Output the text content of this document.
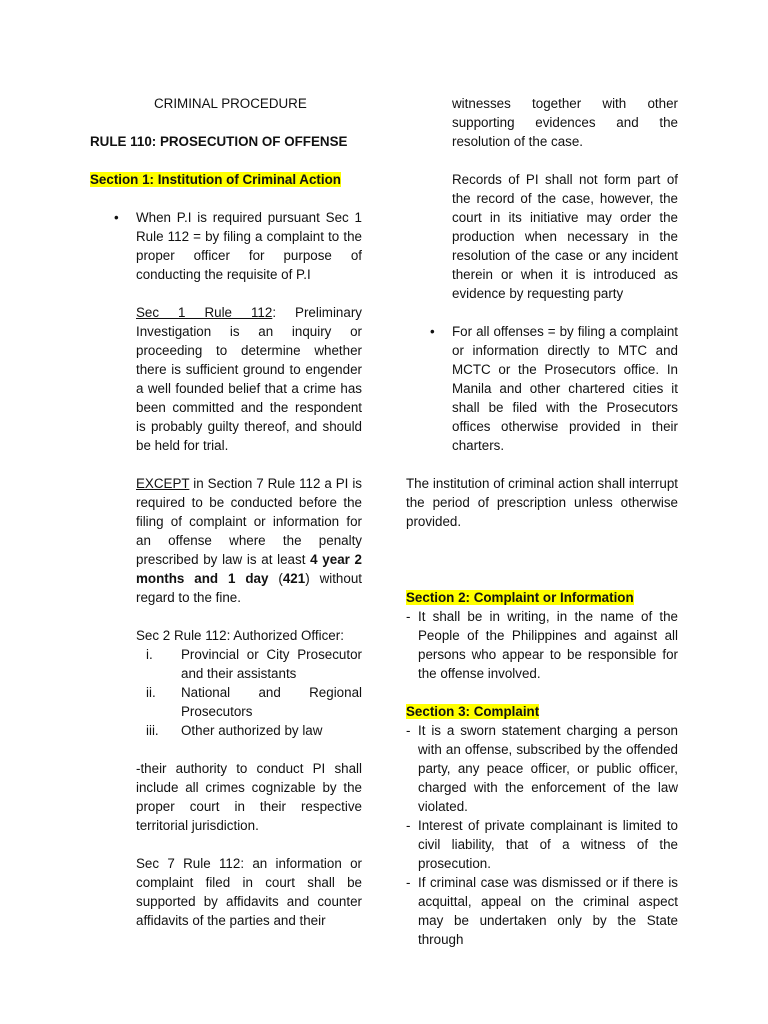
CRIMINAL PROCEDURE

RULE 110: PROSECUTION OF OFFENSE

Section 1: Institution of Criminal Action

• When P.I is required pursuant Sec 1 Rule 112 = by filing a complaint to the proper officer for purpose of conducting the requisite of P.I

Sec 1 Rule 112: Preliminary Investigation is an inquiry or proceeding to determine whether there is sufficient ground to engender a well founded belief that a crime has been committed and the respondent is probably guilty thereof, and should be held for trial.

EXCEPT in Section 7 Rule 112 a PI is required to be conducted before the filing of complaint or information for an offense where the penalty prescribed by law is at least 4 year 2 months and 1 day (421) without regard to the fine.

Sec 2 Rule 112: Authorized Officer:

i. Provincial or City Prosecutor and their assistants
ii. National and Regional Prosecutors
iii. Other authorized by law

-their authority to conduct PI shall include all crimes cognizable by the proper court in their respective territorial jurisdiction.

Sec 7 Rule 112: an information or complaint filed in court shall be supported by affidavits and counter affidavits of the parties and their

witnesses together with other supporting evidences and the resolution of the case.

Records of PI shall not form part of the record of the case, however, the court in its initiative may order the production when necessary in the resolution of the case or any incident therein or when it is introduced as evidence by requesting party

• For all offenses = by filing a complaint or information directly to MTC and MCTC or the Prosecutors office. In Manila and other chartered cities it shall be filed with the Prosecutors offices otherwise provided in their charters.

The institution of criminal action shall interrupt the period of prescription unless otherwise provided.

Section 2: Complaint or Information

- It shall be in writing, in the name of the People of the Philippines and against all persons who appear to be responsible for the offense involved.

Section 3: Complaint

- It is a sworn statement charging a person with an offense, subscribed by the offended party, any peace officer, or public officer, charged with the enforcement of the law violated.
- Interest of private complainant is limited to civil liability, that of a witness of the prosecution.
- If criminal case was dismissed or if there is acquittal, appeal on the criminal aspect may be undertaken only by the State through
